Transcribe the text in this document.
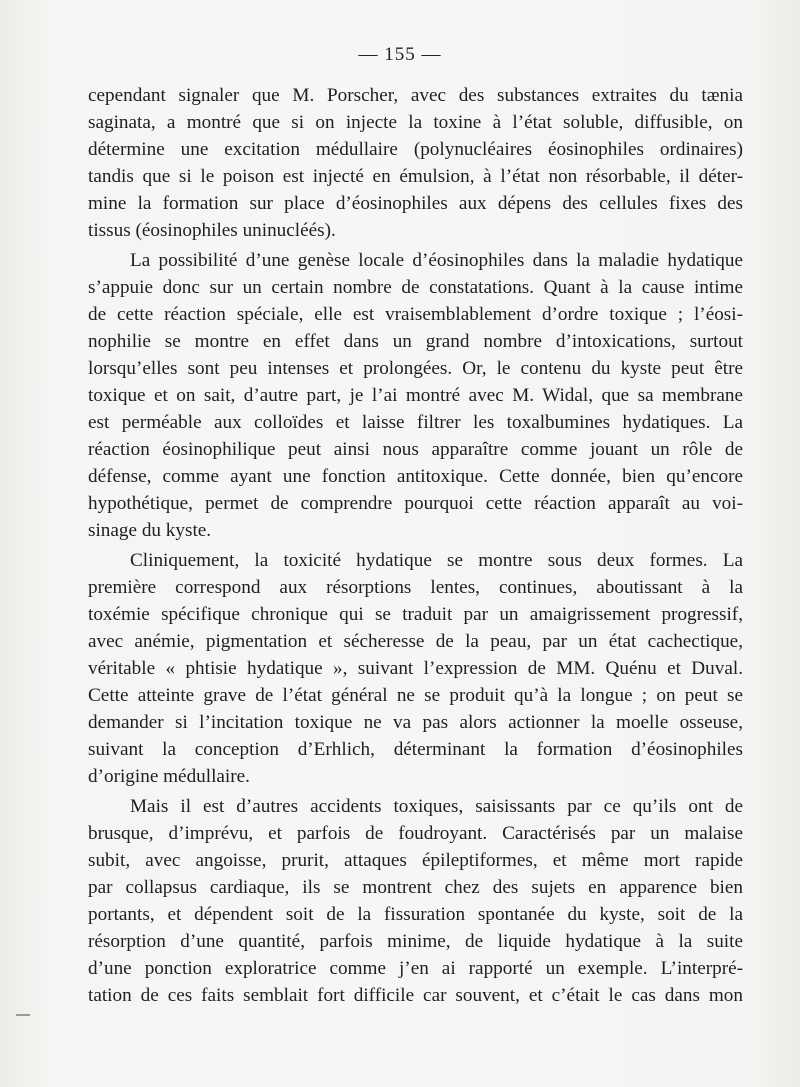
— 155 —
cependant signaler que M. Porscher, avec des substances extraites du tænia
saginata, a montré que si on injecte la toxine à l’état soluble, diffusible, on
détermine une excitation médullaire (polynucléaires éosinophiles ordinaires)
tandis que si le poison est injecté en émulsion, à l’état non résorbable, il déter-
mine la formation sur place d’éosinophiles aux dépens des cellules fixes des
tissus (éosinophiles uninucléés).
La possibilité d’une genèse locale d’éosinophiles dans la maladie hydatique
s’appuie donc sur un certain nombre de constatations. Quant à la cause intime
de cette réaction spéciale, elle est vraisemblablement d’ordre toxique ; l’éosi-
nophilie se montre en effet dans un grand nombre d’intoxications, surtout
lorsqu’elles sont peu intenses et prolongées. Or, le contenu du kyste peut être
toxique et on sait, d’autre part, je l’ai montré avec M. Widal, que sa membrane
est perméable aux colloïdes et laisse filtrer les toxalbumines hydatiques. La
réaction éosinophilique peut ainsi nous apparaître comme jouant un rôle de
défense, comme ayant une fonction antitoxique. Cette donnée, bien qu’encore
hypothétique, permet de comprendre pourquoi cette réaction apparaît au voi-
sinage du kyste.
Cliniquement, la toxicité hydatique se montre sous deux formes. La
première correspond aux résorptions lentes, continues, aboutissant à la
toxémie spécifique chronique qui se traduit par un amaigrissement progressif,
avec anémie, pigmentation et sécheresse de la peau, par un état cachectique,
véritable « phtisie hydatique », suivant l’expression de MM. Quénu et Duval.
Cette atteinte grave de l’état général ne se produit qu’à la longue ; on peut se
demander si l’incitation toxique ne va pas alors actionner la moelle osseuse,
suivant la conception d’Erhlich, déterminant la formation d’éosinophiles
d’origine médullaire.
Mais il est d’autres accidents toxiques, saisissants par ce qu’ils ont de
brusque, d’imprévu, et parfois de foudroyant. Caractérisés par un malaise
subit, avec angoisse, prurit, attaques épileptiformes, et même mort rapide
par collapsus cardiaque, ils se montrent chez des sujets en apparence bien
portants, et dépendent soit de la fissuration spontanée du kyste, soit de la
résorption d’une quantité, parfois minime, de liquide hydatique à la suite
d’une ponction exploratrice comme j’en ai rapporté un exemple. L’interpré-
tation de ces faits semblait fort difficile car souvent, et c’était le cas dans mon
